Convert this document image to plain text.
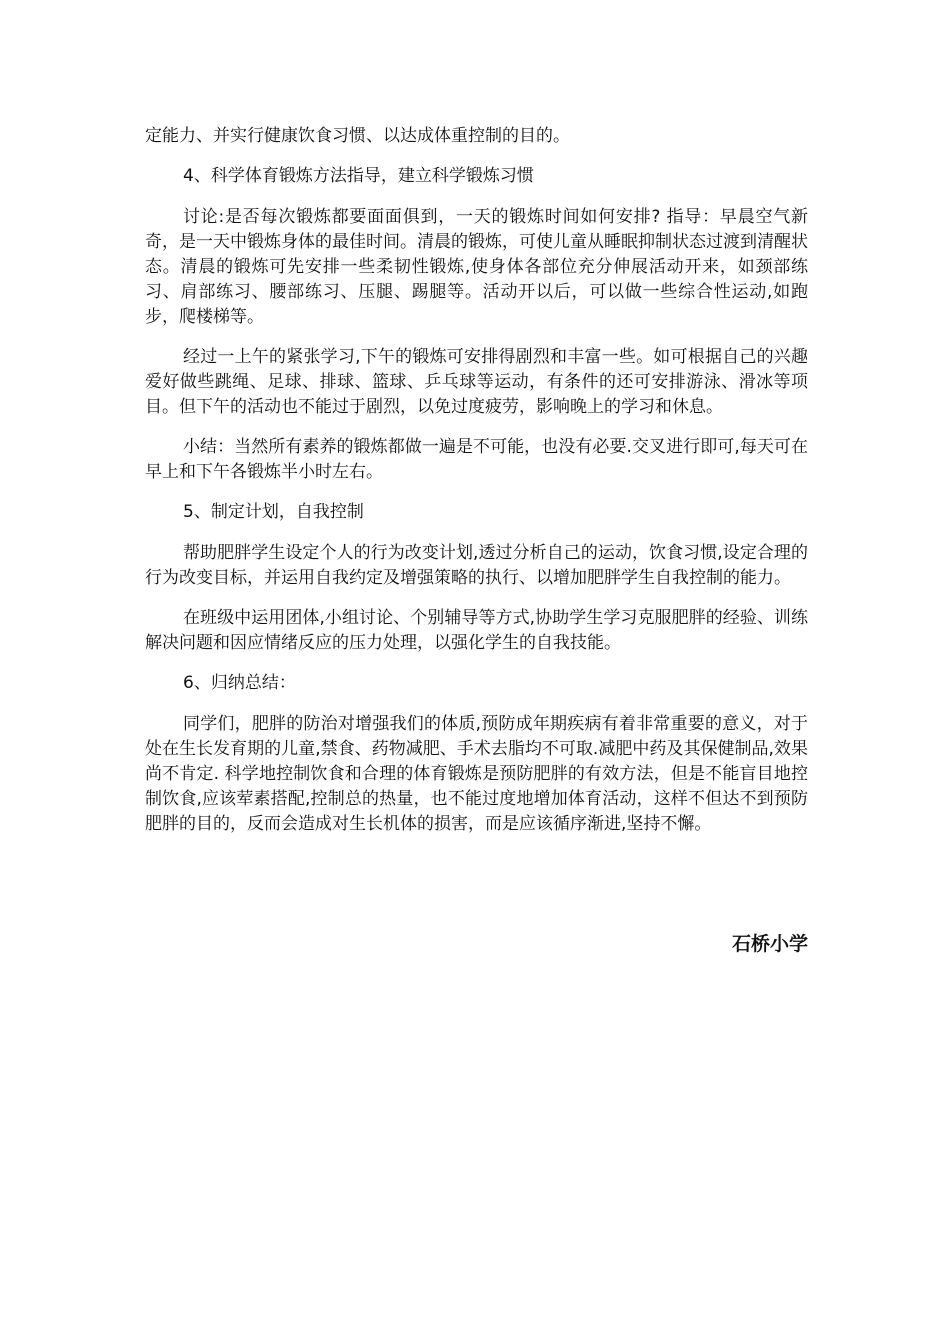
定能力、并实行健康饮食习惯、以达成体重控制的目的。

4、科学体育锻炼方法指导，建立科学锻炼习惯

讨论:是否每次锻炼都要面面俱到，一天的锻炼时间如何安排? 指导：早晨空气新奇，是一天中锻炼身体的最佳时间。清晨的锻炼，可使儿童从睡眠抑制状态过渡到清醒状态。清晨的锻炼可先安排一些柔韧性锻炼,使身体各部位充分伸展活动开来，如颈部练习、肩部练习、腰部练习、压腿、踢腿等。活动开以后，可以做一些综合性运动,如跑步，爬楼梯等。

经过一上午的紧张学习,下午的锻炼可安排得剧烈和丰富一些。如可根据自己的兴趣爱好做些跳绳、足球、排球、篮球、乒乓球等运动，有条件的还可安排游泳、滑冰等项目。但下午的活动也不能过于剧烈，以免过度疲劳，影响晚上的学习和休息。

小结：当然所有素养的锻炼都做一遍是不可能，也没有必要.交叉进行即可,每天可在早上和下午各锻炼半小时左右。

5、制定计划，自我控制

帮助肥胖学生设定个人的行为改变计划,透过分析自己的运动，饮食习惯,设定合理的行为改变目标，并运用自我约定及增强策略的执行、以增加肥胖学生自我控制的能力。

在班级中运用团体,小组讨论、个别辅导等方式,协助学生学习克服肥胖的经验、训练解决问题和因应情绪反应的压力处理，以强化学生的自我技能。

6、归纳总结：

同学们，肥胖的防治对增强我们的体质,预防成年期疾病有着非常重要的意义，对于处在生长发育期的儿童,禁食、药物减肥、手术去脂均不可取.减肥中药及其保健制品,效果尚不肯定. 科学地控制饮食和合理的体育锻炼是预防肥胖的有效方法，但是不能盲目地控制饮食,应该荤素搭配,控制总的热量，也不能过度地增加体育活动，这样不但达不到预防肥胖的目的，反而会造成对生长机体的损害，而是应该循序渐进,坚持不懈。

石桥小学
